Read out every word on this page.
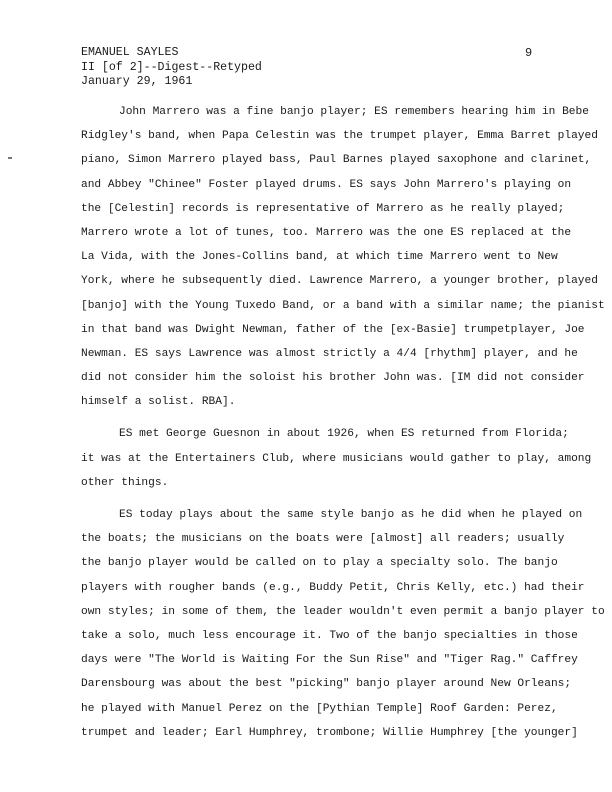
EMANUEL SAYLES
II [of 2]--Digest--Retyped
January 29, 1961
9
John Marrero was a fine banjo player; ES remembers hearing him in Bebe
Ridgley's band, when Papa Celestin was the trumpet player, Emma Barret played
piano, Simon Marrero played bass, Paul Barnes played saxophone and clarinet,
and Abbey "Chinee" Foster played drums. ES says John Marrero's playing on
the [Celestin] records is representative of Marrero as he really played;
Marrero wrote a lot of tunes, too. Marrero was the one ES replaced at the
La Vida, with the Jones-Collins band, at which time Marrero went to New
York, where he subsequently died. Lawrence Marrero, a younger brother, played
[banjo] with the Young Tuxedo Band, or a band with a similar name; the pianist
in that band was Dwight Newman, father of the [ex-Basie] trumpetplayer, Joe
Newman. ES says Lawrence was almost strictly a 4/4 [rhythm] player, and he
did not consider him the soloist his brother John was. [IM did not consider
himself a solist. RBA].
ES met George Guesnon in about 1926, when ES returned from Florida;
it was at the Entertainers Club, where musicians would gather to play, among
other things.
ES today plays about the same style banjo as he did when he played on
the boats; the musicians on the boats were [almost] all readers; usually
the banjo player would be called on to play a specialty solo. The banjo
players with rougher bands (e.g., Buddy Petit, Chris Kelly, etc.) had their
own styles; in some of them, the leader wouldn't even permit a banjo player to
take a solo, much less encourage it. Two of the banjo specialties in those
days were "The World is Waiting For the Sun Rise" and "Tiger Rag." Caffrey
Darensbourg was about the best "picking" banjo player around New Orleans;
he played with Manuel Perez on the [Pythian Temple] Roof Garden: Perez,
trumpet and leader; Earl Humphrey, trombone; Willie Humphrey [the younger]
